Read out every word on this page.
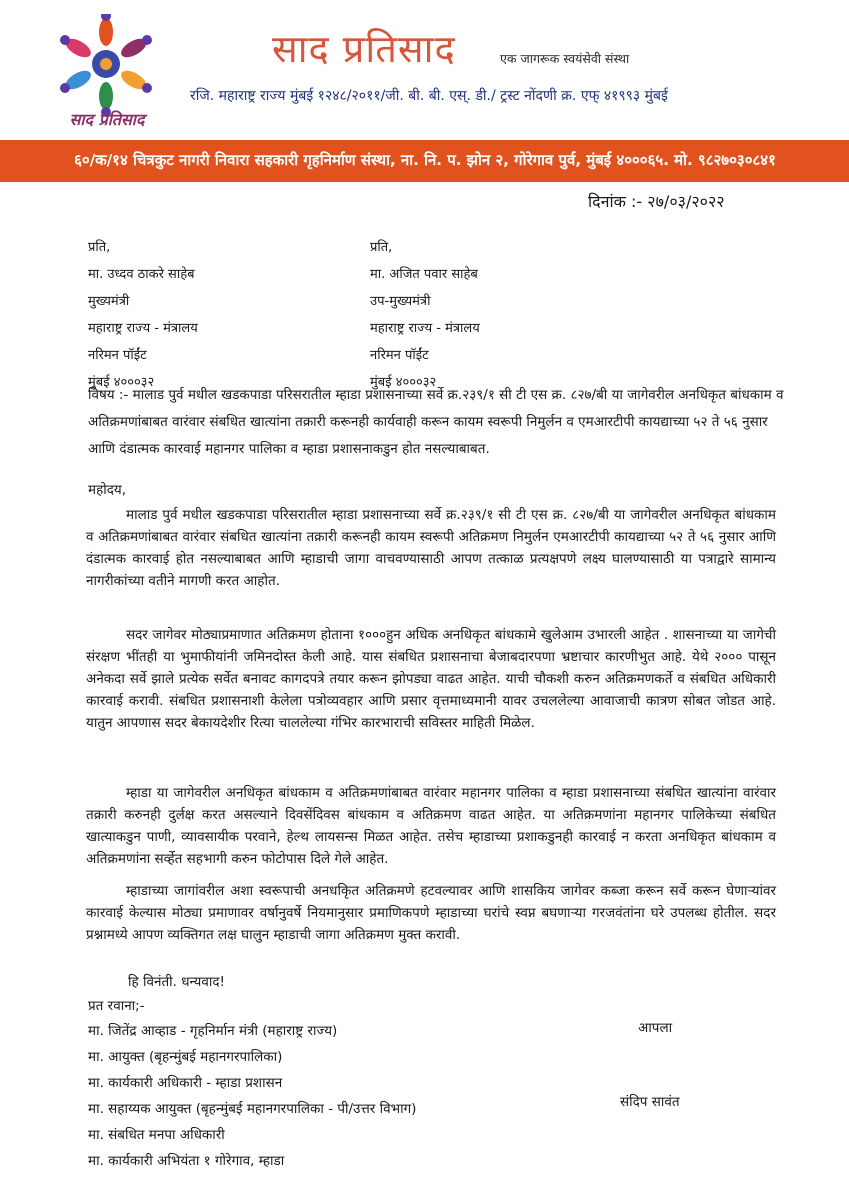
साद प्रतिसाद
साद प्रतिसाद	एक जागरूक स्वयंसेवी संस्था
रजि. महाराष्ट्र राज्य मुंबई १२४८/२०११/जी. बी. बी. एस्. डी./ ट्रस्ट नोंदणी क्र. एफ् ४१९९३ मुंबई
६०/क/१४ चित्रकुट नागरी निवारा सहकारी गृहनिर्माण संस्था, ना. नि. प. झोन २, गोरेगाव पुर्व, मुंबई ४०००६५. मो. ९८२७०३०८४१
दिनांक :- २७/०३/२०२२
प्रति,
मा. उध्दव ठाकरे साहेब
मुख्यमंत्री
महाराष्ट्र राज्य - मंत्रालय
नरिमन पॉईंट
मुंबई ४०००३२
प्रति,
मा. अजित पवार साहेब
उप-मुख्यमंत्री
महाराष्ट्र राज्य - मंत्रालय
नरिमन पॉईंट
मुंबई ४०००३२
विषय :- मालाड पुर्व मधील खडकपाडा परिसरातील म्हाडा प्रशासनाच्या सर्वे क्र.२३९/१ सी टी एस क्र. ८२७/बी या जागेवरील अनधिकृत बांधकाम व अतिक्रमणांबाबत वारंवार संबधित खात्यांना तक्रारी करूनही कार्यवाही करून कायम स्वरूपी निमुर्लन व एमआरटीपी कायद्याच्या ५२ ते ५६ नुसार आणि दंडात्मक कारवाई महानगर पालिका व म्हाडा प्रशासनाकडुन होत नसल्याबाबत.
महोदय,
मालाड पुर्व मधील खडकपाडा परिसरातील म्हाडा प्रशासनाच्या सर्वे क्र.२३९/१ सी टी एस क्र. ८२७/बी या जागेवरील अनधिकृत बांधकाम व अतिक्रमणांबाबत वारंवार संबधित खात्यांना तक्रारी करूनही कायम स्वरूपी अतिक्रमण निमुर्लन एमआरटीपी कायद्याच्या ५२ ते ५६ नुसार आणि दंडात्मक कारवाई होत नसल्याबाबत आणि म्हाडाची जागा वाचवण्यासाठी आपण तत्काळ प्रत्यक्षपणे लक्ष्य घालण्यासाठी या पत्राद्वारे सामान्य नागरीकांच्या वतीने मागणी करत आहोत.
सदर जागेवर मोठ्याप्रमाणात अतिक्रमण होताना १०००हुन अधिक अनधिकृत बांधकामे खुलेआम उभारली आहेत . शासनाच्या या जागेची संरक्षण भींतही या भुमाफीयांनी जमिनदोस्त केली आहे. यास संबधित प्रशासनाचा बेजाबदारपणा भ्रष्टाचार कारणीभुत आहे. येथे २००० पासून अनेकदा सर्वे झाले प्रत्येक सर्वेत बनावट कागदपत्रे तयार करून झोपड्या वाढत आहेत. याची चौकशी करुन अतिक्रमणकर्ते व संबधित अधिकारी कारवाई करावी. संबधित प्रशासनाशी केलेला पत्रोव्यवहार आणि प्रसार वृत्तमाध्यमानी यावर उचललेल्या आवाजाची कात्रण सोबत जोडत आहे. यातुन आपणास सदर बेकायदेशीर रित्या चाललेल्या गंभिर कारभाराची सविस्तर माहिती मिळेल.
म्हाडा या जागेवरील अनधिकृत बांधकाम व अतिक्रमणांबाबत वारंवार महानगर पालिका व म्हाडा प्रशासनाच्या संबधित खात्यांना वारंवार तक्रारी करुनही दुर्लक्ष करत असल्याने दिवसेंदिवस बांधकाम व अतिक्रमण वाढत आहेत. या अतिक्रमणांना महानगर पालिकेच्या संबधित खात्याकडुन पाणी, व्यावसायीक परवाने, हेल्थ लायसन्स मिळत आहेत. तसेच म्हाडाच्या प्रशाकडुनही कारवाई न करता अनधिकृत बांधकाम व अतिक्रमणांना सर्व्हेत सहभागी करुन फोटोपास दिले गेले आहेत.
म्हाडाच्या जागांवरील अशा स्वरूपाची अनधकृित अतिक्रमणे हटवल्यावर आणि शासकिय जागेवर कब्जा करून सर्वे करून घेणाऱ्यांवर कारवाई केल्यास मोठ्या प्रमाणावर वर्षानुवर्षे नियमानुसार प्रमाणिकपणे म्हाडाच्या घरांचे स्वप्न बघणाऱ्या गरजवंतांना घरे उपलब्ध होतील. सदर प्रश्नामध्ये आपण व्यक्तिगत लक्ष घालुन म्हाडाची जागा अतिक्रमण मुक्त करावी.
हि विनंती. धन्यवाद!
प्रत रवाना;-
मा. जितेंद्र आव्हाड - गृहनिर्मान मंत्री (महाराष्ट्र राज्य)
मा. आयुक्त (बृहन्मुंबई महानगरपालिका)
मा. कार्यकारी अधिकारी - म्हाडा प्रशासन
मा. सहाय्यक आयुक्त (बृहन्मुंबई महानगरपालिका - पी/उत्तर विभाग)
मा. संबधित मनपा अधिकारी
मा. कार्यकारी अभियंता १ गोरेगाव, म्हाडा
आपला
संदिप सावंत
